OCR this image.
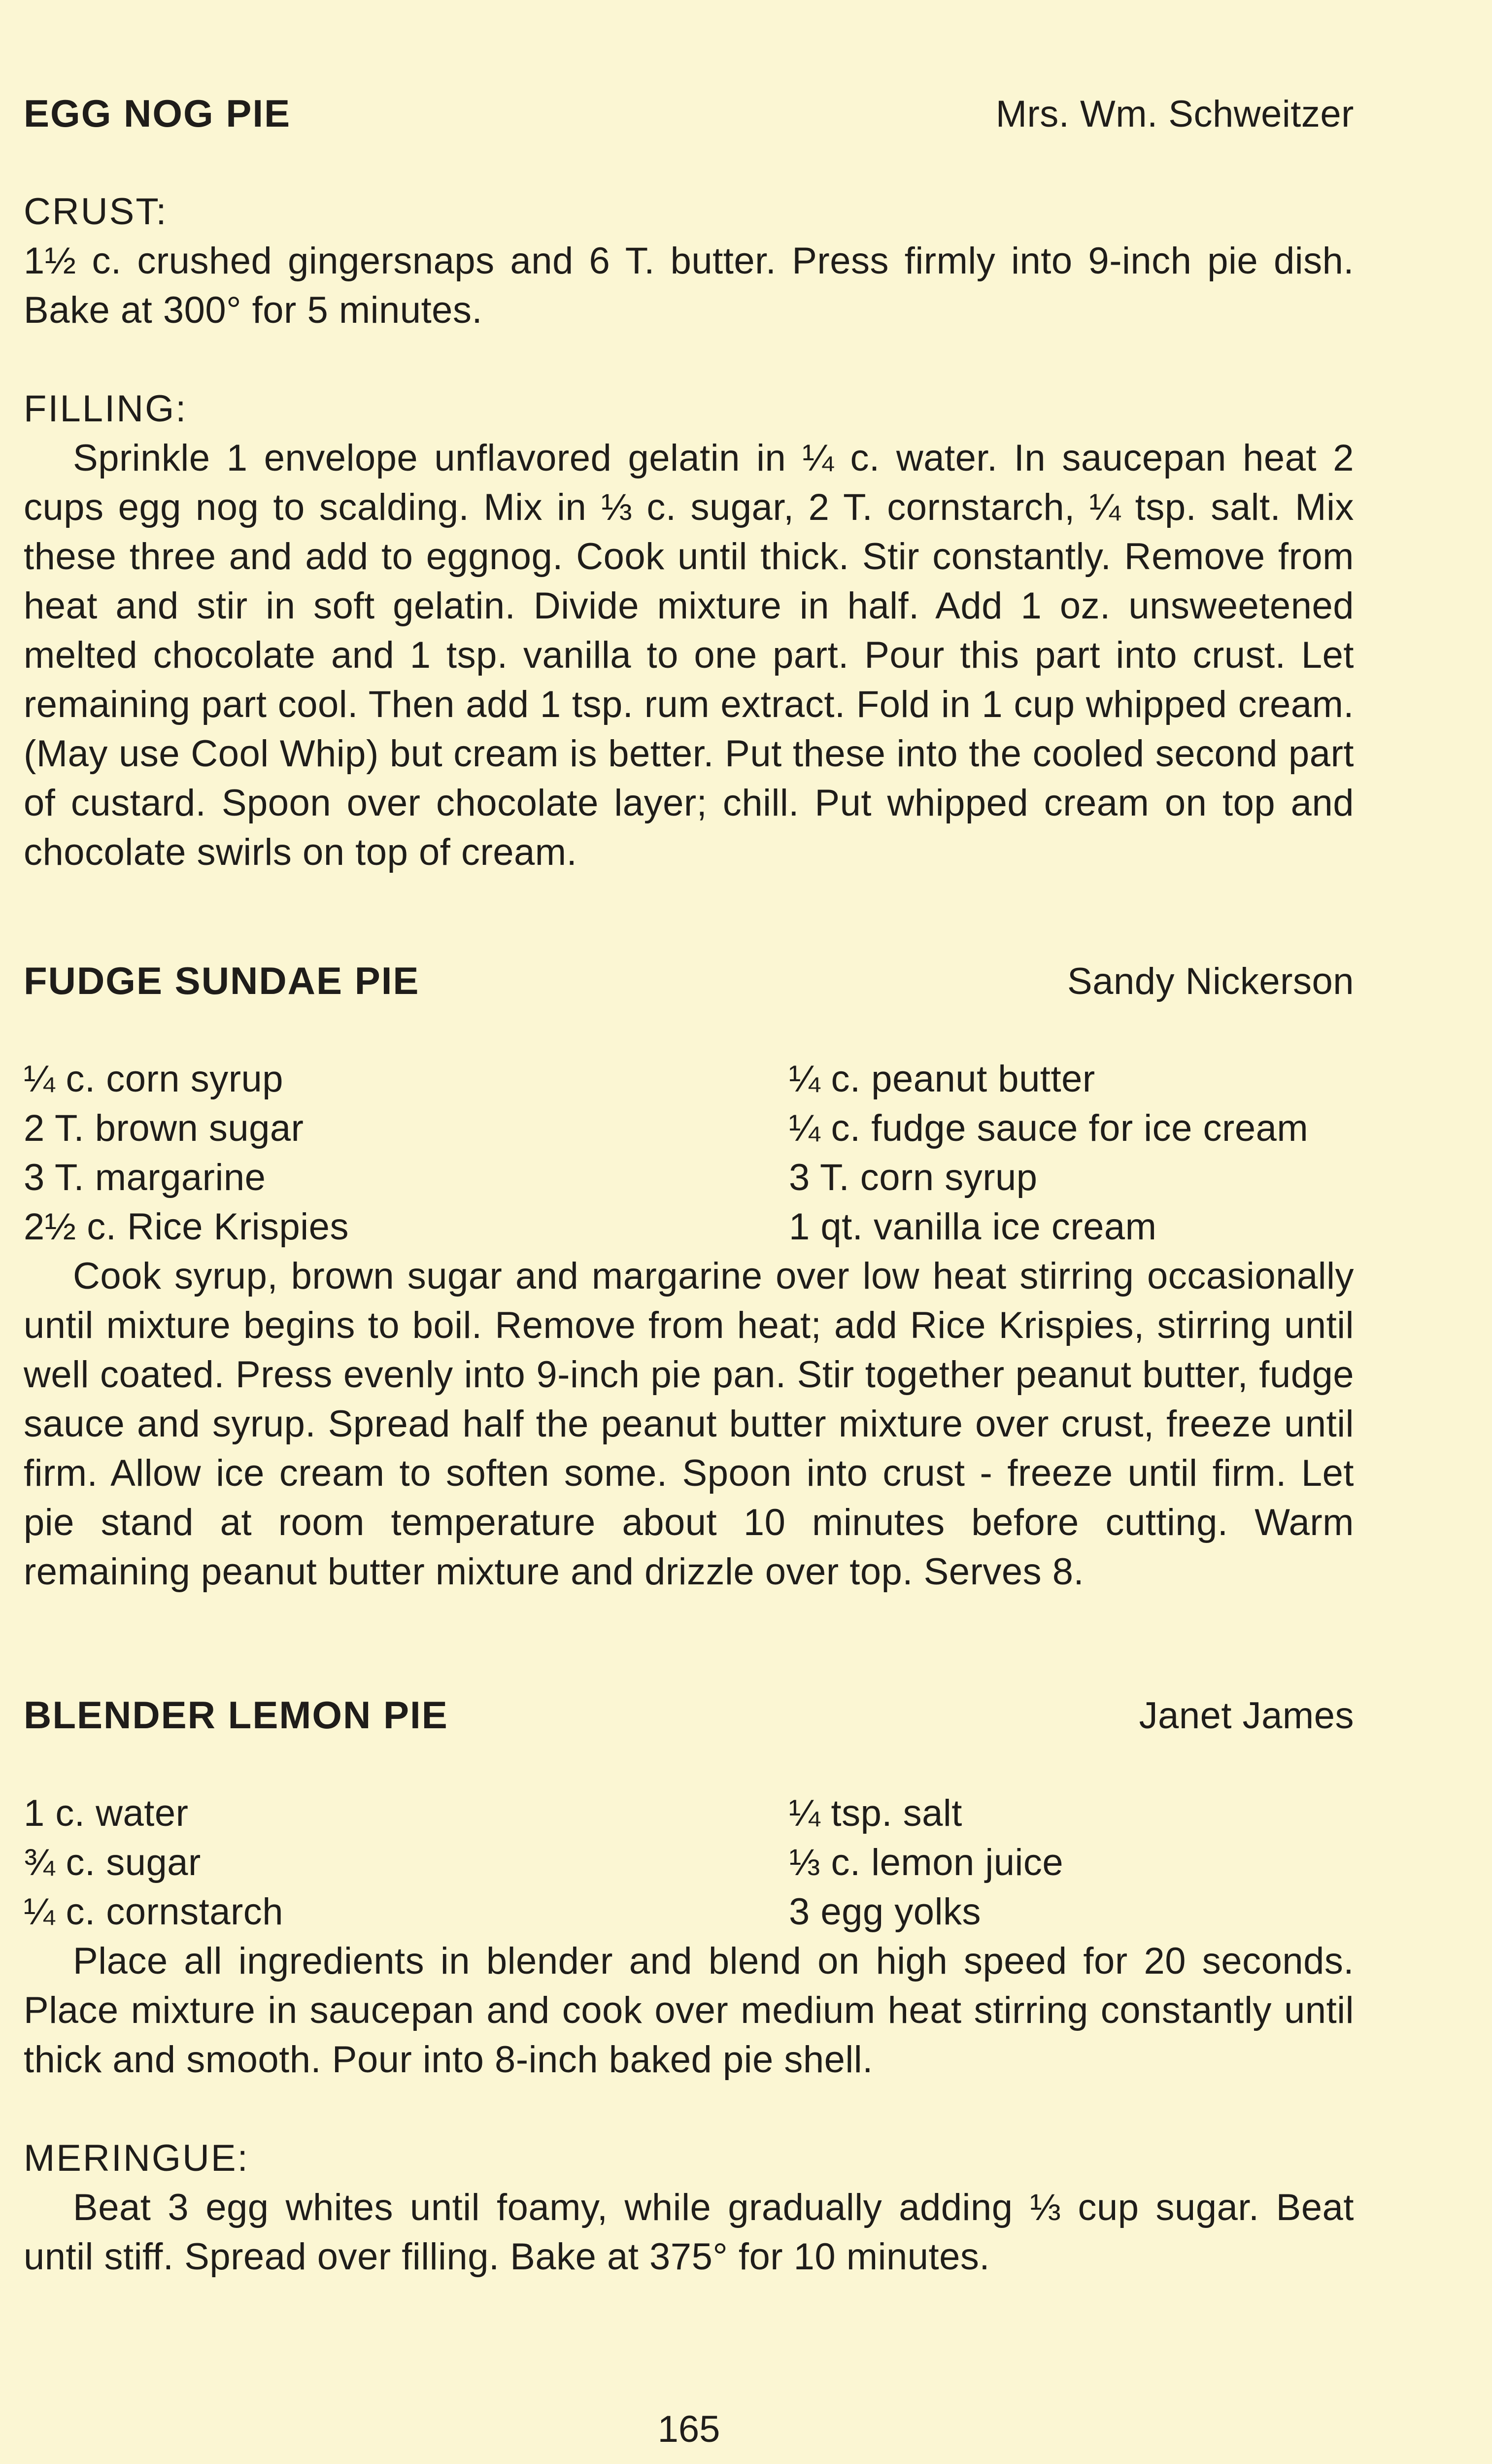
EGG NOG PIE	Mrs. Wm. Schweitzer
CRUST:

1½ c. crushed gingersnaps and 6 T. butter. Press firmly into 9-inch pie dish. Bake at 300° for 5 minutes.

FILLING:

Sprinkle 1 envelope unflavored gelatin in ¼ c. water. In saucepan heat 2 cups egg nog to scalding. Mix in ⅓ c. sugar, 2 T. cornstarch, ¼ tsp. salt. Mix these three and add to eggnog. Cook until thick. Stir constantly. Remove from heat and stir in soft gelatin. Divide mixture in half. Add 1 oz. unsweetened melted chocolate and 1 tsp. vanilla to one part. Pour this part into crust. Let remaining part cool. Then add 1 tsp. rum extract. Fold in 1 cup whipped cream. (May use Cool Whip) but cream is better. Put these into the cooled second part of custard. Spoon over chocolate layer; chill. Put whipped cream on top and chocolate swirls on top of cream.

FUDGE SUNDAE PIE	Sandy Nickerson
¼ c. corn syrup	¼ c. peanut butter
2 T. brown sugar	¼ c. fudge sauce for ice cream
3 T. margarine	3 T. corn syrup
2½ c. Rice Krispies	1 qt. vanilla ice cream

Cook syrup, brown sugar and margarine over low heat stirring occasionally until mixture begins to boil. Remove from heat; add Rice Krispies, stirring until well coated. Press evenly into 9-inch pie pan. Stir together peanut butter, fudge sauce and syrup. Spread half the peanut butter mixture over crust, freeze until firm. Allow ice cream to soften some. Spoon into crust - freeze until firm. Let pie stand at room temperature about 10 minutes before cutting. Warm remaining peanut butter mixture and drizzle over top. Serves 8.

BLENDER LEMON PIE	Janet James
1 c. water	¼ tsp. salt
¾ c. sugar	⅓ c. lemon juice
¼ c. cornstarch	3 egg yolks

Place all ingredients in blender and blend on high speed for 20 seconds. Place mixture in saucepan and cook over medium heat stirring constantly until thick and smooth. Pour into 8-inch baked pie shell.

MERINGUE:

Beat 3 egg whites until foamy, while gradually adding ⅓ cup sugar. Beat until stiff. Spread over filling. Bake at 375° for 10 minutes.

165
